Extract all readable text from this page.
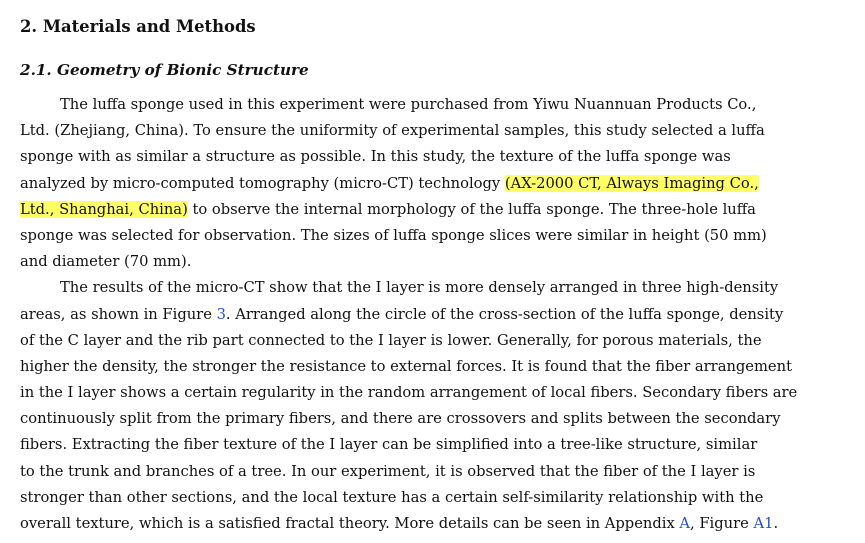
2. Materials and Methods
2.1. Geometry of Bionic Structure
The luffa sponge used in this experiment were purchased from Yiwu Nuannuan Products Co.,
Ltd. (Zhejiang, China). To ensure the uniformity of experimental samples, this study selected a luffa
sponge with as similar a structure as possible. In this study, the texture of the luffa sponge was
analyzed by micro-computed tomography (micro-CT) technology (AX-2000 CT, Always Imaging Co.,
Ltd., Shanghai, China) to observe the internal morphology of the luffa sponge. The three-hole luffa
sponge was selected for observation. The sizes of luffa sponge slices were similar in height (50 mm)
and diameter (70 mm).
The results of the micro-CT show that the I layer is more densely arranged in three high-density
areas, as shown in Figure 3. Arranged along the circle of the cross-section of the luffa sponge, density
of the C layer and the rib part connected to the I layer is lower. Generally, for porous materials, the
higher the density, the stronger the resistance to external forces. It is found that the fiber arrangement
in the I layer shows a certain regularity in the random arrangement of local fibers. Secondary fibers are
continuously split from the primary fibers, and there are crossovers and splits between the secondary
fibers. Extracting the fiber texture of the I layer can be simplified into a tree-like structure, similar
to the trunk and branches of a tree. In our experiment, it is observed that the fiber of the I layer is
stronger than other sections, and the local texture has a certain self-similarity relationship with the
overall texture, which is a satisfied fractal theory. More details can be seen in Appendix A, Figure A1.
